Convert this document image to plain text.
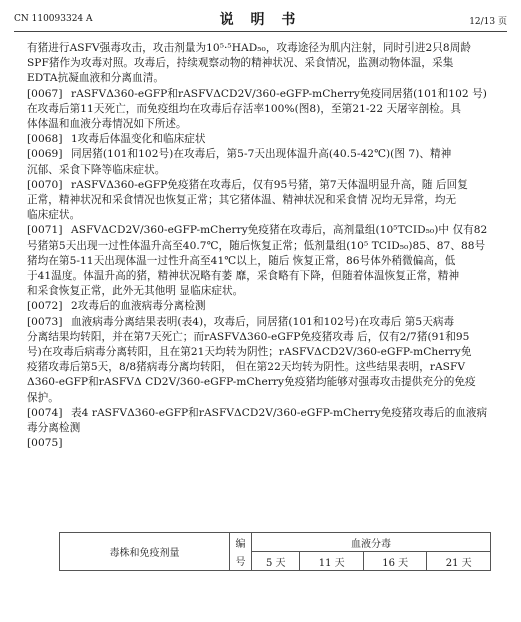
CN 110093324 A	说 明 书	12/13 页
有猪进行ASFV强毒攻击，攻击剂量为10⁵·⁵HAD₅₀，攻毒途径为肌内注射，同时引进2只8周龄
SPF猪作为攻毒对照。攻毒后，持续观察动物的精神状况、采食情况，监测动物体温，采集
EDTA抗凝血液和分离血清。
[0067] rASFVΔ360-eGFP和rASFVΔCD2V/360-eGFP-mCherry免疫同居猪(101和102 号)
在攻毒后第11天死亡，而免疫组均在攻毒后存活率100%(图8)，至第21-22 天屠宰剖检。具
体体温和血液分毒情况如下所述。
[0068] 1攻毒后体温变化和临床症状
[0069] 同居猪(101和102号)在攻毒后，第5-7天出现体温升高(40.5-42℃)(图 7)、精神
沉郁、采食下降等临床症状。
[0070] rASFVΔ360-eGFP免疫猪在攻毒后，仅有95号猪，第7天体温明显升高，随 后回复
正常，精神状况和采食情况也恢复正常；其它猪体温、精神状况和采食情 况均无异常，均无
临床症状。
[0071] ASFVΔCD2V/360-eGFP-mCherry免疫猪在攻毒后，高剂量组(10⁵TCID₅₀)中 仅有82
号猪第5天出现一过性体温升高至40.7℃，随后恢复正常；低剂量组(10⁵ TCID₅₀)85、87、88号
猪均在第5-11天出现体温一过性升高至41℃以上，随后 恢复正常，86号体外稍微偏高，低
于41温度。体温升高的猪，精神状况略有萎 靡，采食略有下降，但随着体温恢复正常，精神
和采食恢复正常，此外无其他明 显临床症状。
[0072] 2攻毒后的血液病毒分离检测
[0073] 血液病毒分离结果表明(表4)，攻毒后，同居猪(101和102号)在攻毒后 第5天病毒
分离结果均转阳，并在第7天死亡；而rASFVΔ360-eGFP免疫猪攻毒 后，仅有2/7猪(91和95
号)在攻毒后病毒分离转阳，且在第21天均转为阴性；rASFVΔCD2V/360-eGFP-mCherry免
疫猪攻毒后第5天，8/8猪病毒分离均转阳， 但在第22天均转为阴性。这些结果表明，rASFV
Δ360-eGFP和rASFVΔ CD2V/360-eGFP-mCherry免疫猪均能够对强毒攻击提供充分的免疫
保护。
[0074] 表4 rASFVΔ360-eGFP和rASFVΔCD2V/360-eGFP-mCherry免疫猪攻毒后的血液病
毒分离检测
[0075]
毒株和免疫剂量	编	血液分毒			
	号	5 天	11 天	16 天	21 天
